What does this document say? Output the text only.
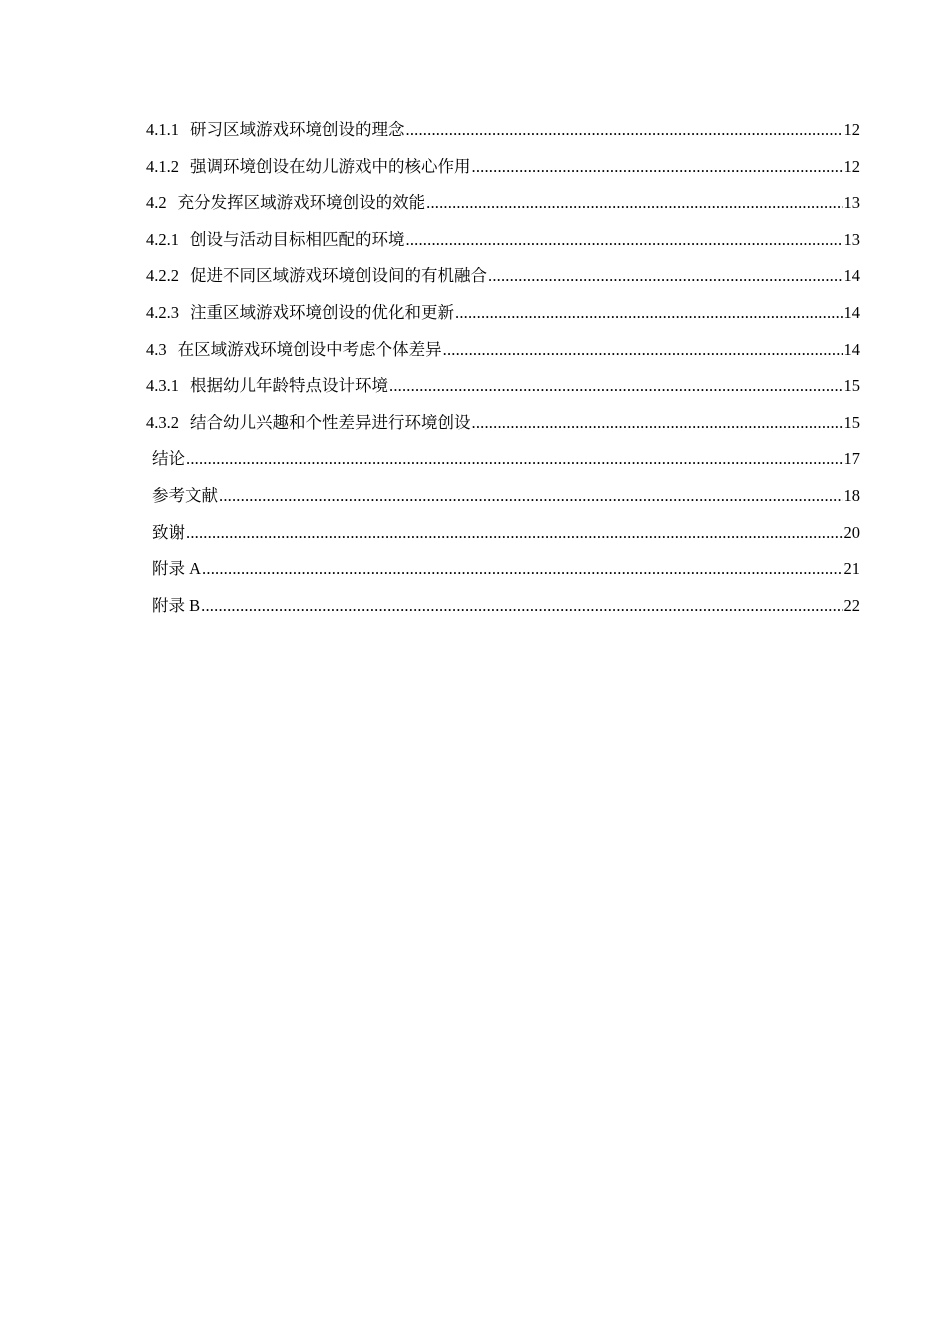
4.1.1 研习区域游戏环境创设的理念 .....	12
4.1.2 强调环境创设在幼儿游戏中的核心作用 .....	12
4.2 充分发挥区域游戏环境创设的效能 .....	13
4.2.1 创设与活动目标相匹配的环境 .....	13
4.2.2 促进不同区域游戏环境创设间的有机融合 .....	14
4.2.3 注重区域游戏环境创设的优化和更新 .....	14
4.3 在区域游戏环境创设中考虑个体差异 .....	14
4.3.1 根据幼儿年龄特点设计环境 .....	15
4.3.2 结合幼儿兴趣和个性差异进行环境创设 .....	15
结论 .....	17
参考文献 .....	18
致谢 .....	20
附录 A .....	21
附录 B .....	22
